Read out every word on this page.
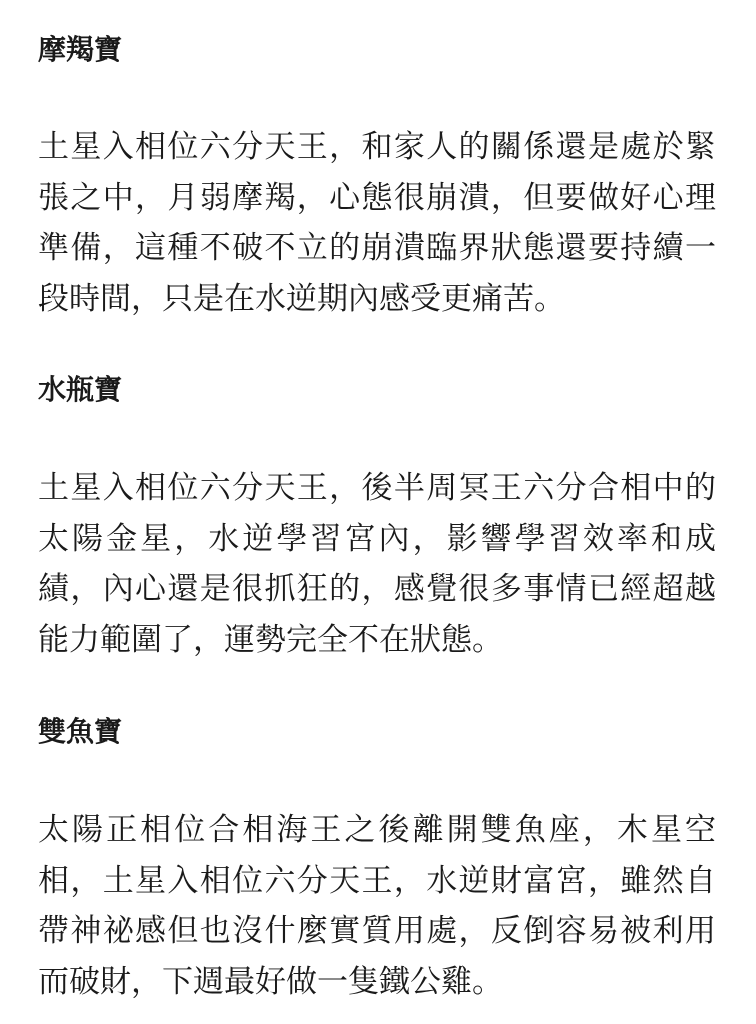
摩羯寶
土星入相位六分天王，和家人的關係還是處於緊
張之中，月弱摩羯，心態很崩潰，但要做好心理
準備，這種不破不立的崩潰臨界狀態還要持續一
段時間，只是在水逆期內感受更痛苦。
水瓶寶
土星入相位六分天王，後半周冥王六分合相中的
太陽金星，水逆學習宮內，影響學習效率和成
績，內心還是很抓狂的，感覺很多事情已經超越
能力範圍了，運勢完全不在狀態。
雙魚寶
太陽正相位合相海王之後離開雙魚座，木星空
相，土星入相位六分天王，水逆財富宮，雖然自
帶神祕感但也沒什麼實質用處，反倒容易被利用
而破財，下週最好做一隻鐵公雞。
